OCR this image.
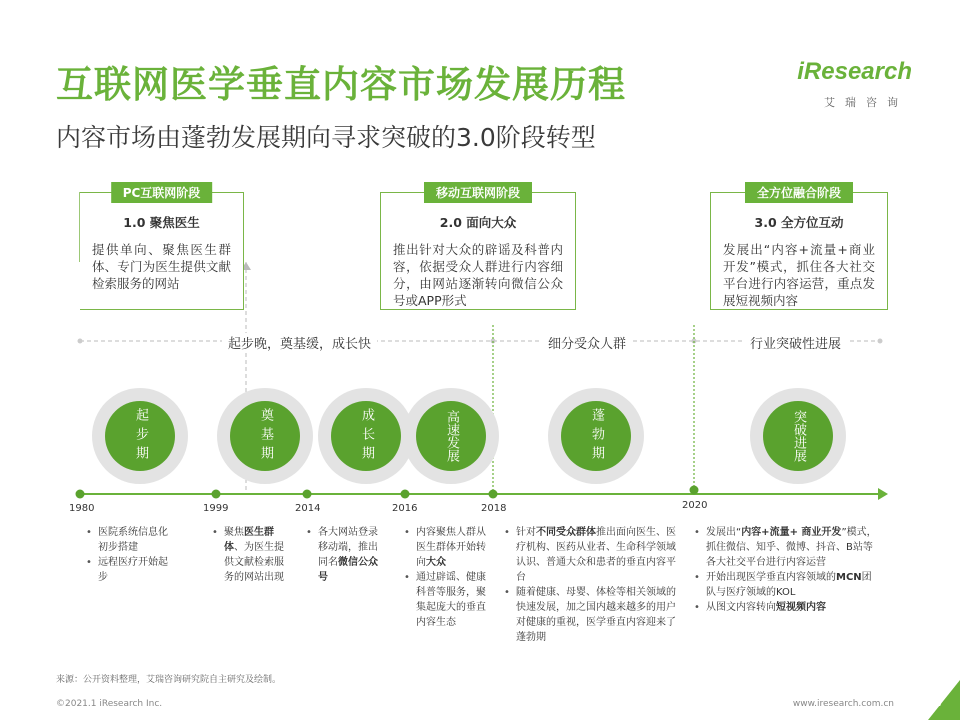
互联网医学垂直内容市场发展历程
内容市场由蓬勃发展期向寻求突破的3.0阶段转型
iResearch
艾瑞咨询
PC互联网阶段
1.0 聚焦医生
提供单向、聚焦医生群体、专门为医生提供文献检索服务的网站
移动互联网阶段
2.0 面向大众
推出针对大众的辟谣及科普内容，依据受众人群进行内容细分，由网站逐渐转向微信公众号或APP形式
全方位融合阶段
3.0 全方位互动
发展出“内容+流量+商业开发”模式，抓住各大社交平台进行内容运营，重点发展短视频内容
起步晚，奠基缓，成长快	细分受众人群	行业突破性进展
起步期	奠基期	成长期	高速发展	蓬勃期	突破进展
1980	1999	2014	2016	2018	2020
• 医院系统信息化初步搭建
• 远程医疗开始起步
• 聚焦医生群体、为医生提供文献检索服务的网站出现
• 各大网站登录移动端，推出同名微信公众号
• 内容聚焦人群从医生群体开始转向大众
• 通过辟谣、健康科普等服务，聚集起庞大的垂直内容生态
• 针对不同受众群体推出面向医生、医疗机构、医药从业者、生命科学领域认识、普通大众和患者的垂直内容平台
• 随着健康、母婴、体检等相关领域的快速发展，加之国内越来越多的用户对健康的重视，医学垂直内容迎来了蓬勃期
• 发展出“内容+流量+ 商业开发”模式，抓住微信、知乎、微博、抖音、B站等各大社交平台进行内容运营
• 开始出现医学垂直内容领域的MCN团队与医疗领域的KOL
• 从图文内容转向短视频内容
来源：公开资料整理，艾瑞咨询研究院自主研究及绘制。
©2021.1 iResearch Inc.	www.iresearch.com.cn	7
